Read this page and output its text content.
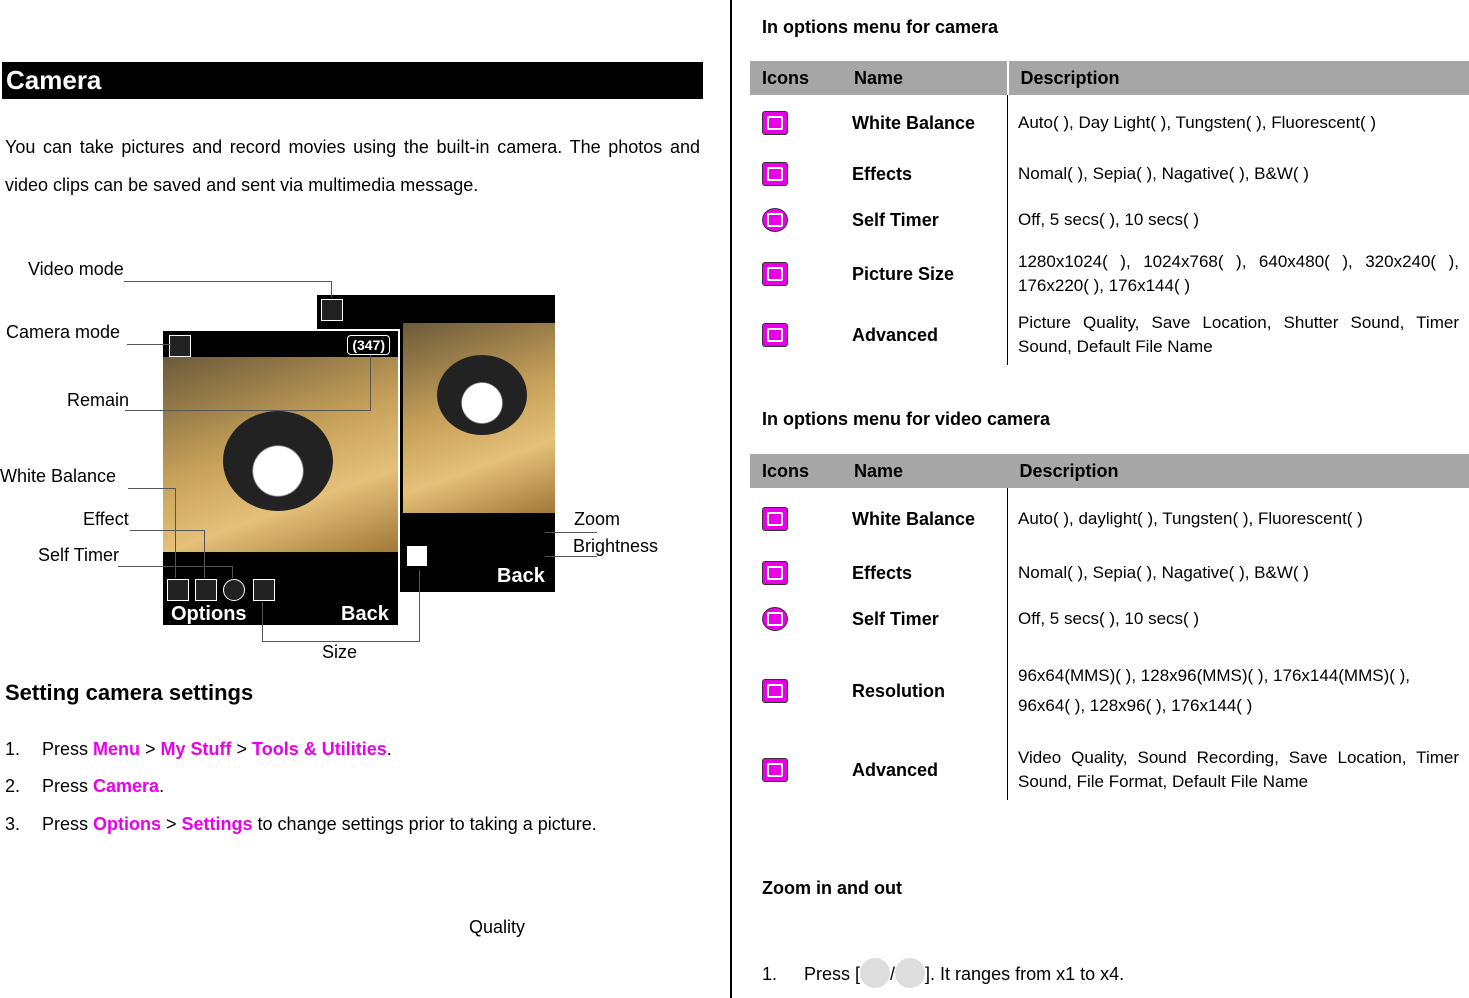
Camera
You can take pictures and record movies using the built-in camera. The photos and video clips can be saved and sent via multimedia message.
Back
(347)
Options	Back
Video mode
Camera mode
Remain
White Balance
Effect
Self Timer
Zoom
Brightness
Size
Quality
Setting camera settings
1. Press Menu > My Stuff > Tools & Utilities.
2. Press Camera.
3. Press Options > Settings to change settings prior to taking a picture.
In options menu for camera
Icons	Name	Description
	White Balance	Auto( ), Day Light( ), Tungsten( ), Fluorescent( )
	Effects	Nomal( ), Sepia( ), Nagative( ), B&W( )
	Self Timer	Off, 5 secs( ), 10 secs( )
	Picture Size	1280x1024( ), 1024x768( ), 640x480( ), 320x240( ), 176x220( ), 176x144( )
	Advanced	Picture Quality, Save Location, Shutter Sound, Timer Sound, Default File Name
In options menu for video camera
Icons	Name	Description
	White Balance	Auto( ), daylight( ), Tungsten( ), Fluorescent( )
	Effects	Nomal( ), Sepia( ), Nagative( ), B&W( )
	Self Timer	Off, 5 secs( ), 10 secs( )
	Resolution	96x64(MMS)( ), 128x96(MMS)( ), 176x144(MMS)( ),
96x64( ), 128x96( ), 176x144( )

	Advanced	Video Quality, Sound Recording, Save Location, Timer Sound, File Format, Default File Name
Zoom in and out
1. Press [ / ]. It ranges from x1 to x4.
